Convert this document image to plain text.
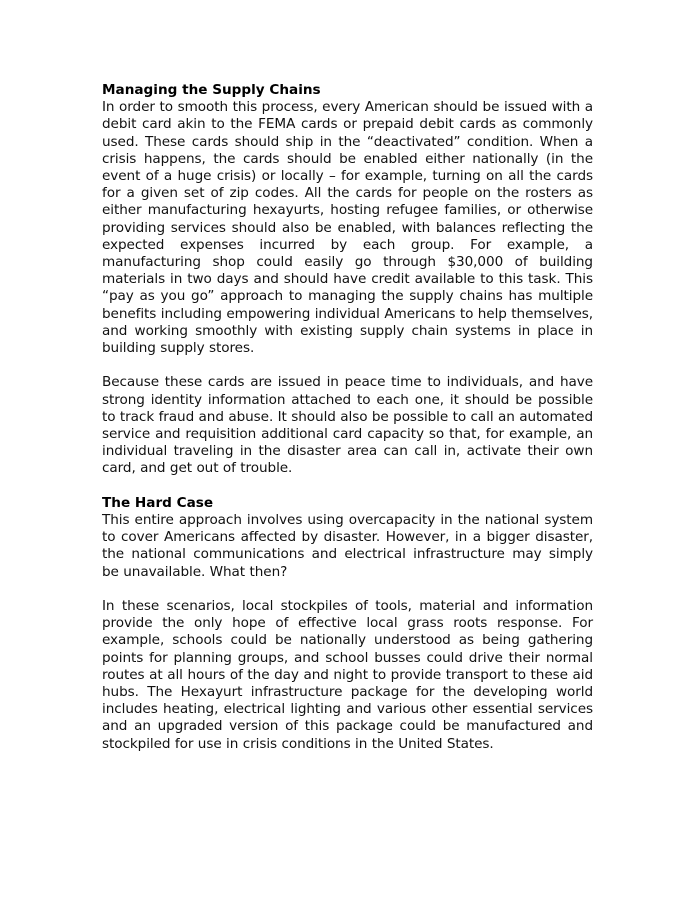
Managing the Supply Chains

In order to smooth this process, every American should be issued with a debit card akin to the FEMA cards or prepaid debit cards as commonly used. These cards should ship in the “deactivated” condition. When a crisis happens, the cards should be enabled either nationally (in the event of a huge crisis) or locally – for example, turning on all the cards for a given set of zip codes. All the cards for people on the rosters as either manufacturing hexayurts, hosting refugee families, or otherwise providing services should also be enabled, with balances reflecting the expected expenses incurred by each group. For example, a manufacturing shop could easily go through $30,000 of building materials in two days and should have credit available to this task. This “pay as you go” approach to managing the supply chains has multiple benefits including empowering individual Americans to help themselves, and working smoothly with existing supply chain systems in place in building supply stores.

Because these cards are issued in peace time to individuals, and have strong identity information attached to each one, it should be possible to track fraud and abuse. It should also be possible to call an automated service and requisition additional card capacity so that, for example, an individual traveling in the disaster area can call in, activate their own card, and get out of trouble.

The Hard Case

This entire approach involves using overcapacity in the national system to cover Americans affected by disaster. However, in a bigger disaster, the national communications and electrical infrastructure may simply be unavailable. What then?

In these scenarios, local stockpiles of tools, material and information provide the only hope of effective local grass roots response. For example, schools could be nationally understood as being gathering points for planning groups, and school busses could drive their normal routes at all hours of the day and night to provide transport to these aid hubs. The Hexayurt infrastructure package for the developing world includes heating, electrical lighting and various other essential services and an upgraded version of this package could be manufactured and stockpiled for use in crisis conditions in the United States.
